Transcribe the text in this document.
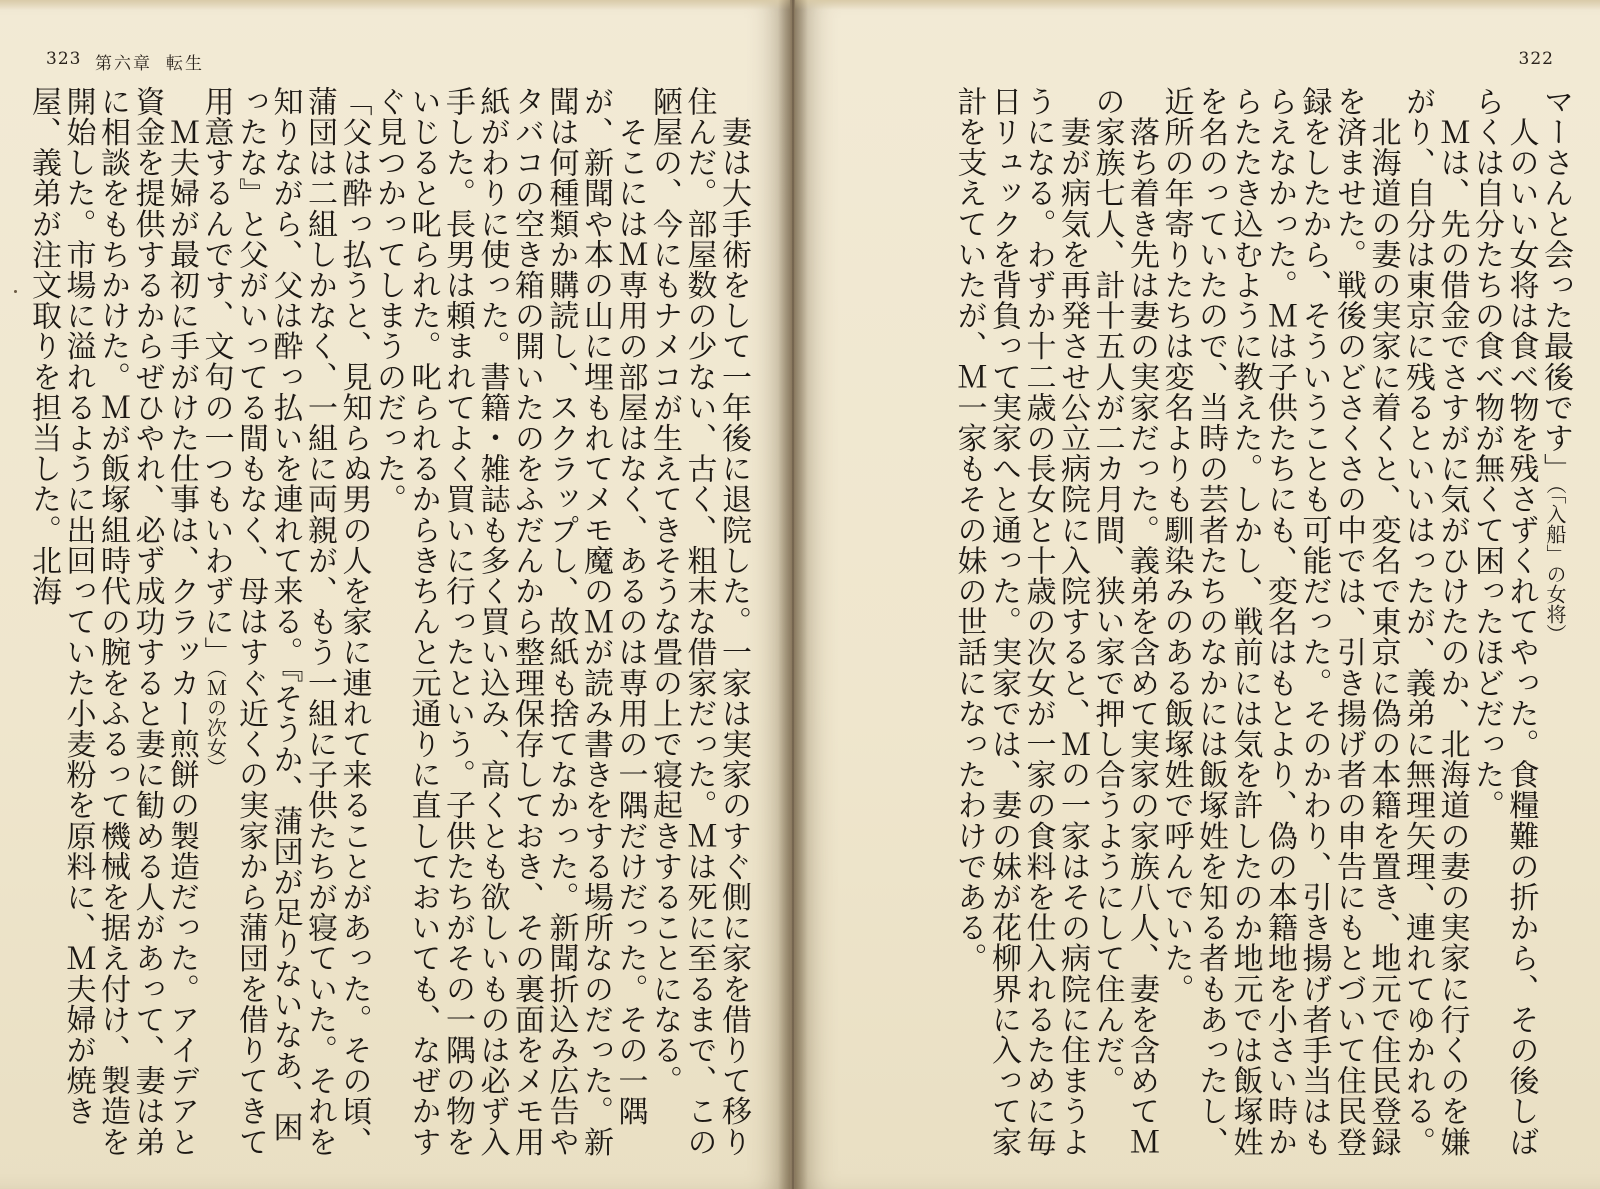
323 第六章 転生

　妻は大手術をして一年後に退院した。一家は実家のすぐ側に家を借りて移り住んだ。部屋数の少ない、古く、粗末な借家だった。Ｍは死に至るまで、この陋屋の、今にもナメコが生えてきそうな畳の上で寝起きすることになる。

　そこにはＭ専用の部屋はなく、あるのは専用の一隅だけだった。その一隅が、新聞や本の山に埋もれてメモ魔のＭが読み書きをする場所なのだった。新聞は何種類か購読し、スクラップし、故紙も捨てなかった。新聞折込み広告やタバコの空き箱の開いたのをふだんから整理保存しておき、その裏面をメモ用紙がわりに使った。書籍・雑誌も多く買い込み、高くとも欲しいものは必ず入手した。長男は頼まれてよく買いに行ったという。子供たちがその一隅の物をいじると叱られた。叱られるからきちんと元通りに直しておいても、なぜかすぐ見つかってしまうのだった。

「父は酔っ払うと、見知らぬ男の人を家に連れて来ることがあった。その頃、蒲団は二組しかなく、一組に両親が、もう一組に子供たちが寝ていた。それを知りながら、父は酔っ払いを連れて来る。『そうか、蒲団が足りないなあ、困ったな』と父がいってる間もなく、母はすぐ近くの実家から蒲団を借りてきて用意するんです、文句の一つもいわずに」（Ｍの次女）

　Ｍ夫婦が最初に手がけた仕事は、クラッカー煎餅の製造だった。アイデアと資金を提供するからぜひやれ、必ず成功すると妻に勧める人があって、妻は弟に相談をもちかけた。Ｍが飯塚組時代の腕をふるって機械を据え付け、製造を開始した。市場に溢れるように出回っていた小麦粉を原料に、Ｍ夫婦が焼き屋、義弟が注文取りを担当した。北海

322

マーさんと会った最後です」（「入船」の女将）

　人のいい女将は食べ物を残さずくれてやった。食糧難の折から、その後しばらくは自分たちの食べ物が無くて困ったほどだった。

　Ｍは、先の借金でさすがに気がひけたのか、北海道の妻の実家に行くのを嫌がり、自分は東京に残るといいはったが、義弟に無理矢理、連れてゆかれる。

　北海道の妻の実家に着くと、変名で東京に偽の本籍を置き、地元で住民登録を済ませた。戦後のどさくさの中では、引き揚げ者の申告にもとづいて住民登録をしたから、そういうことも可能だった。そのかわり、引き揚げ者手当はもらえなかった。Ｍは子供たちにも、変名はもとより、偽の本籍地を小さい時からたたき込むように教えた。しかし、戦前には気を許したのか地元では飯塚姓を名のっていたので、当時の芸者たちのなかには飯塚姓を知る者もあったし、近所の年寄りたちは変名よりも馴染みのある飯塚姓で呼んでいた。

　落ち着き先は妻の実家だった。義弟を含めて実家の家族八人、妻を含めてＭの家族七人、計十五人が二カ月間、狭い家で押し合うようにして住んだ。

　妻が病気を再発させ公立病院に入院すると、Ｍの一家はその病院に住まうようになる。わずか十二歳の長女と十歳の次女が一家の食料を仕入れるために毎日リュックを背負って実家へと通った。実家では、妻の妹が花柳界に入って家計を支えていたが、Ｍ一家もその妹の世話になったわけである。
